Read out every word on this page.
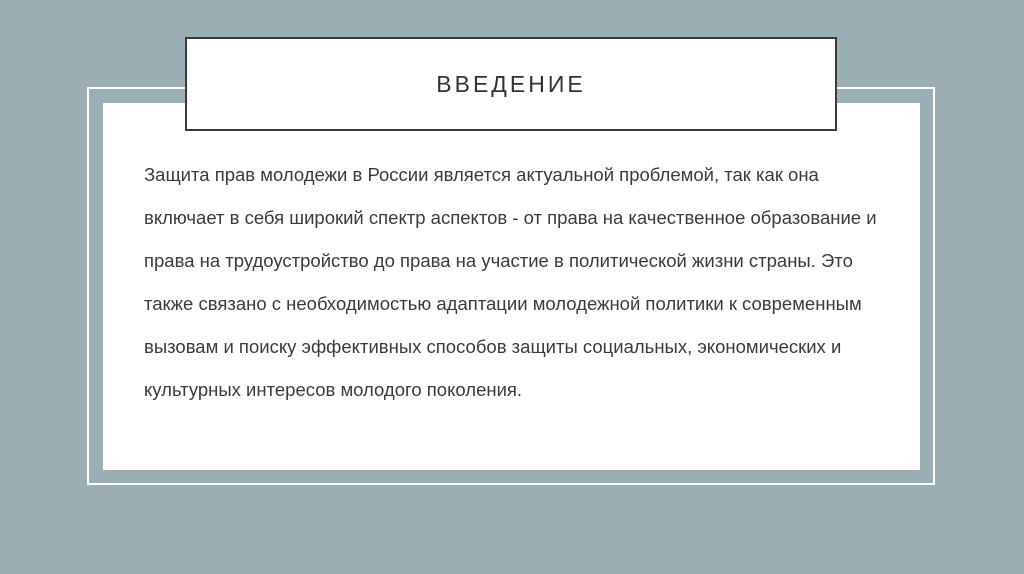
ВВЕДЕНИЕ

Защита прав молодежи в России является актуальной проблемой, так как она включает в себя широкий спектр аспектов - от права на качественное образование и права на трудоустройство до права на участие в политической жизни страны. Это также связано с необходимостью адаптации молодежной политики к современным вызовам и поиску эффективных способов защиты социальных, экономических и культурных интересов молодого поколения.
